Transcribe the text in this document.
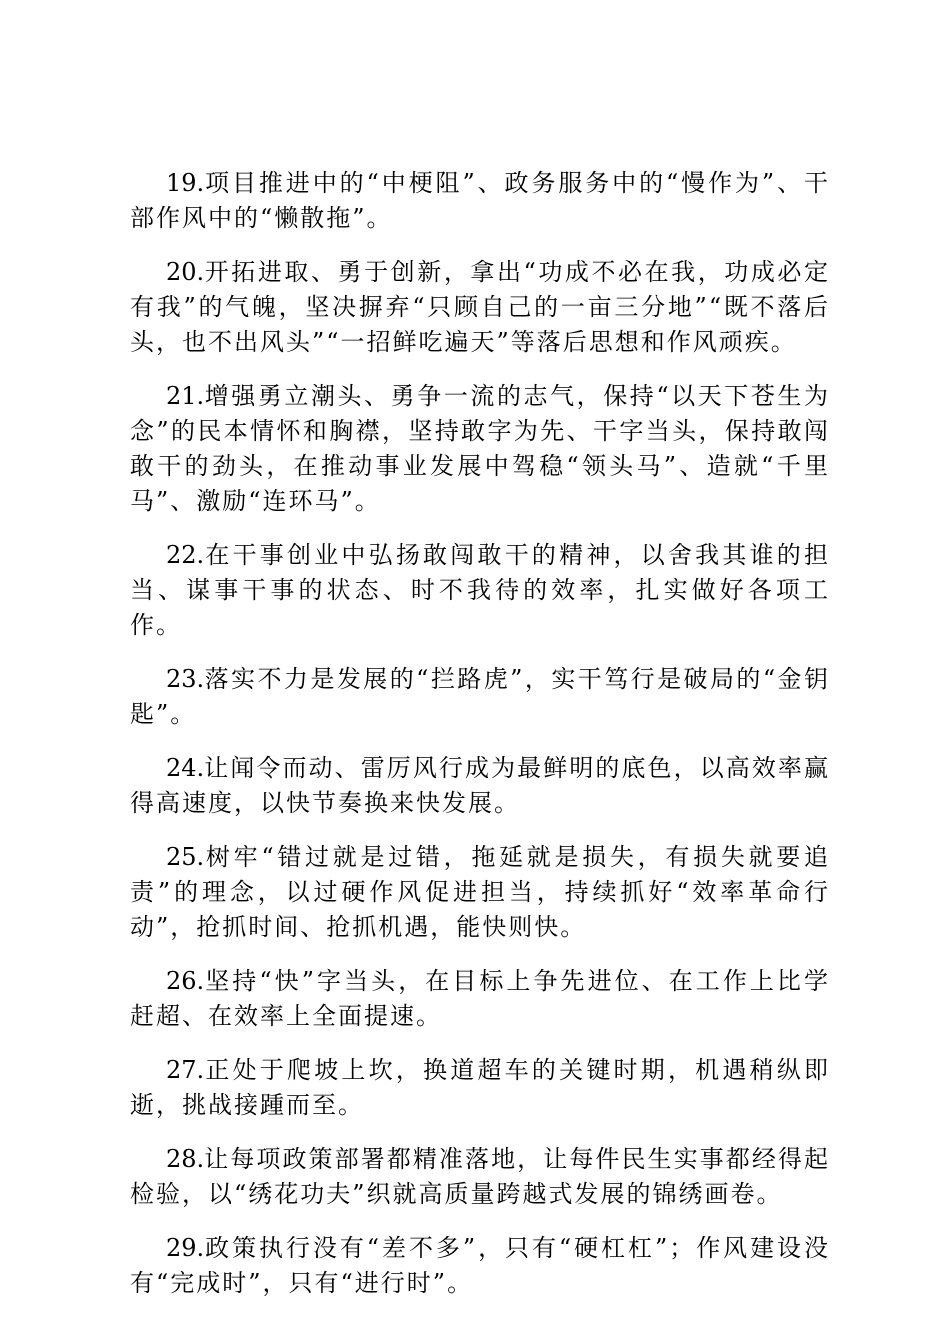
19.项目推进中的“中梗阻”、政务服务中的“慢作为”、干部作风中的“懒散拖”。

20.开拓进取、勇于创新，拿出“功成不必在我，功成必定有我”的气魄，坚决摒弃“只顾自己的一亩三分地”“既不落后头，也不出风头”“一招鲜吃遍天”等落后思想和作风顽疾。

21.增强勇立潮头、勇争一流的志气，保持“以天下苍生为念”的民本情怀和胸襟，坚持敢字为先、干字当头，保持敢闯敢干的劲头，在推动事业发展中驾稳“领头马”、造就“千里马”、激励“连环马”。

22.在干事创业中弘扬敢闯敢干的精神，以舍我其谁的担当、谋事干事的状态、时不我待的效率，扎实做好各项工作。

23.落实不力是发展的“拦路虎”，实干笃行是破局的“金钥匙”。

24.让闻令而动、雷厉风行成为最鲜明的底色，以高效率赢得高速度，以快节奏换来快发展。

25.树牢“错过就是过错，拖延就是损失，有损失就要追责”的理念，以过硬作风促进担当，持续抓好“效率革命行动”，抢抓时间、抢抓机遇，能快则快。

26.坚持“快”字当头，在目标上争先进位、在工作上比学赶超、在效率上全面提速。

27.正处于爬坡上坎，换道超车的关键时期，机遇稍纵即逝，挑战接踵而至。

28.让每项政策部署都精准落地，让每件民生实事都经得起检验，以“绣花功夫”织就高质量跨越式发展的锦绣画卷。

29.政策执行没有“差不多”，只有“硬杠杠”；作风建设没有“完成时”，只有“进行时”。
